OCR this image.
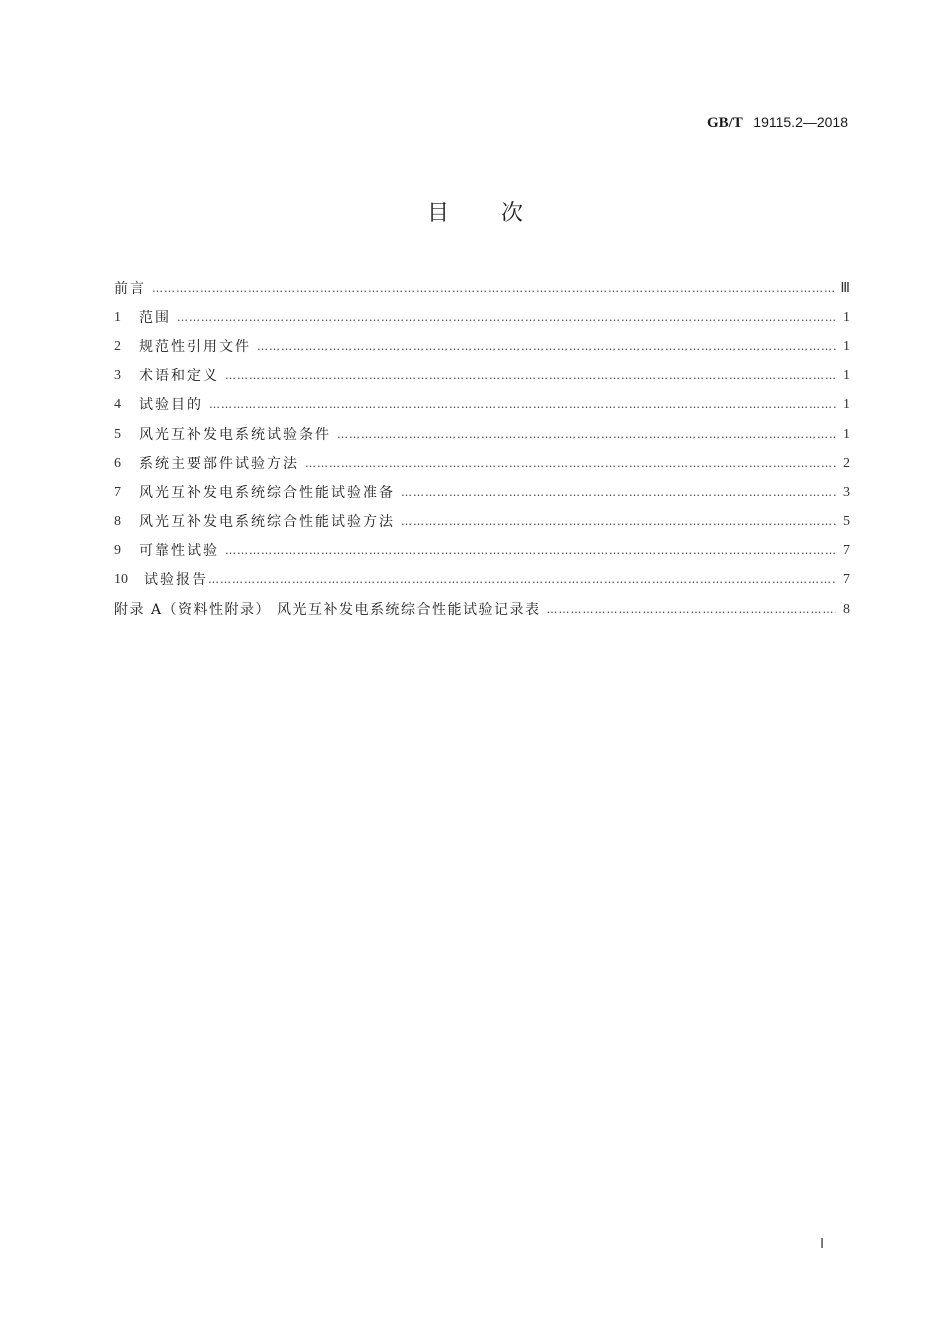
GB/T 19115.2—2018
目次
前言 ……………………………………………………………………………………………………………………………………………………………………………………………………………………………………………………	Ⅲ
1	范围 ……………………………………………………………………………………………………………………………………………………………………………………………………………………………………………………	1
2	规范性引用文件 ……………………………………………………………………………………………………………………………………………………………………………………………………………………………………………………	1
3	术语和定义 ……………………………………………………………………………………………………………………………………………………………………………………………………………………………………………………	1
4	试验目的 ……………………………………………………………………………………………………………………………………………………………………………………………………………………………………………………	1
5	风光互补发电系统试验条件 ……………………………………………………………………………………………………………………………………………………………………………………………………………………………………………………	1
6	系统主要部件试验方法 ……………………………………………………………………………………………………………………………………………………………………………………………………………………………………………………	2
7	风光互补发电系统综合性能试验准备 ……………………………………………………………………………………………………………………………………………………………………………………………………………………………………………………	3
8	风光互补发电系统综合性能试验方法 ……………………………………………………………………………………………………………………………………………………………………………………………………………………………………………………	5
9	可靠性试验 ……………………………………………………………………………………………………………………………………………………………………………………………………………………………………………………	7
10	试验报告 ……………………………………………………………………………………………………………………………………………………………………………………………………………………………………………………	7
附录 A（资料性附录） 风光互补发电系统综合性能试验记录表 ……………………………………………………………………………………………………………………………………………………………………………………………………………………………………………………	8
Ⅰ
